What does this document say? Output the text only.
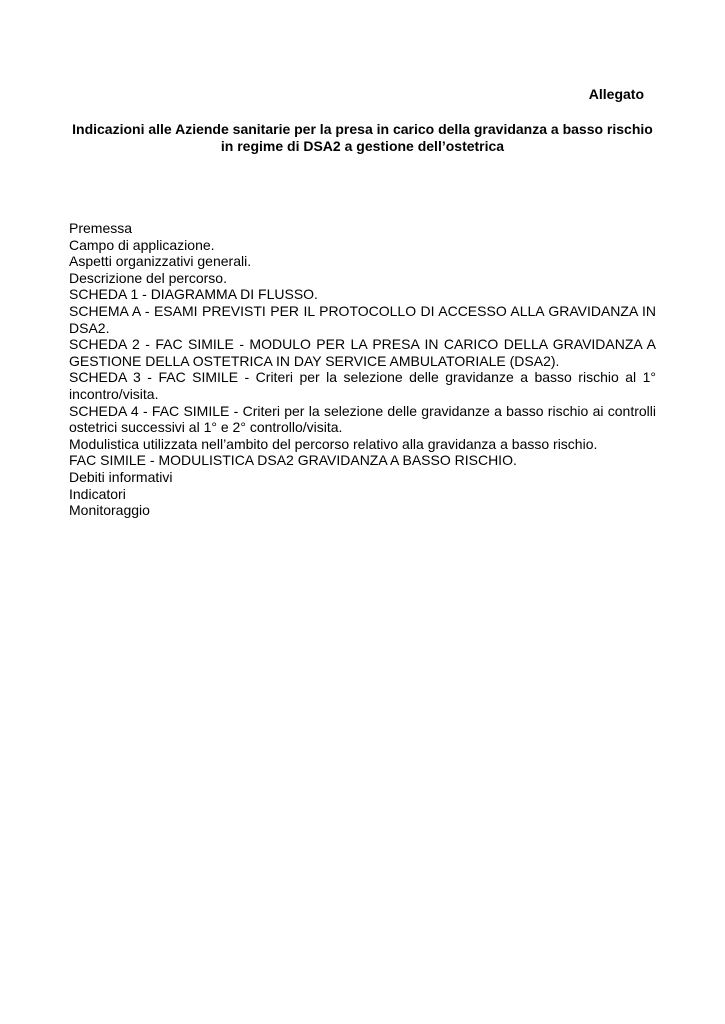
Allegato
Indicazioni alle Aziende sanitarie per la presa in carico della gravidanza a basso rischio in regime di DSA2 a gestione dell’ostetrica
Premessa
Campo di applicazione.
Aspetti organizzativi generali.
Descrizione del percorso.
SCHEDA 1 - DIAGRAMMA DI FLUSSO.
SCHEMA A - ESAMI PREVISTI PER IL PROTOCOLLO DI ACCESSO ALLA GRAVIDANZA IN DSA2.
SCHEDA 2 - FAC SIMILE - MODULO PER LA PRESA IN CARICO DELLA GRAVIDANZA A GESTIONE DELLA OSTETRICA IN DAY SERVICE AMBULATORIALE (DSA2).
SCHEDA 3 - FAC SIMILE - Criteri per la selezione delle gravidanze a basso rischio al 1° incontro/visita.
SCHEDA 4 - FAC SIMILE - Criteri per la selezione delle gravidanze a basso rischio ai controlli ostetrici successivi al 1° e 2° controllo/visita.
Modulistica utilizzata nell’ambito del percorso relativo alla gravidanza a basso rischio.
FAC SIMILE - MODULISTICA DSA2 GRAVIDANZA A BASSO RISCHIO.
Debiti informativi
Indicatori
Monitoraggio
